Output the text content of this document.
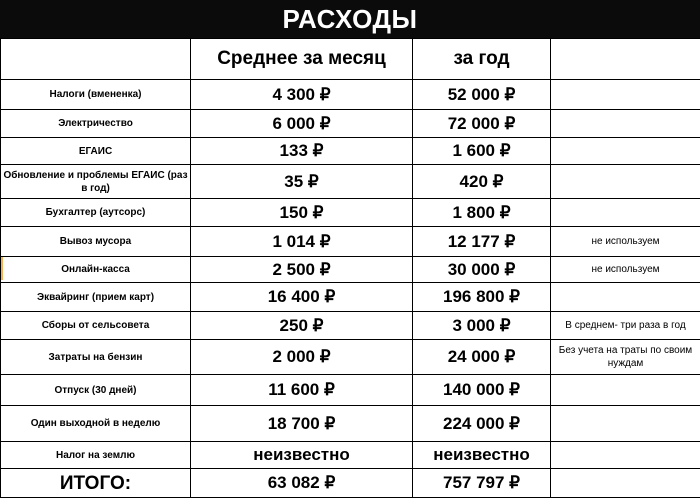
РАСХОДЫ
	Среднее за месяц	за год	
Налоги (вмененка)	4 300 ₽	52 000 ₽	
Электричество	6 000 ₽	72 000 ₽	
ЕГАИС	133 ₽	1 600 ₽	
Обновление и проблемы ЕГАИС (раз в год)	35 ₽	420 ₽	
Бухгалтер (аутсорс)	150 ₽	1 800 ₽	
Вывоз мусора	1 014 ₽	12 177 ₽	не используем
Онлайн-касса	2 500 ₽	30 000 ₽	не используем
Эквайринг (прием карт)	16 400 ₽	196 800 ₽	
Сборы от сельсовета	250 ₽	3 000 ₽	В среднем- три раза в год
Затраты на бензин	2 000 ₽	24 000 ₽	Без учета на траты по своим нуждам
Отпуск (30 дней)	11 600 ₽	140 000 ₽	
Один выходной в неделю	18 700 ₽	224 000 ₽	
Налог на землю	неизвестно	неизвестно	
ИТОГО:	63 082 ₽	757 797 ₽	
